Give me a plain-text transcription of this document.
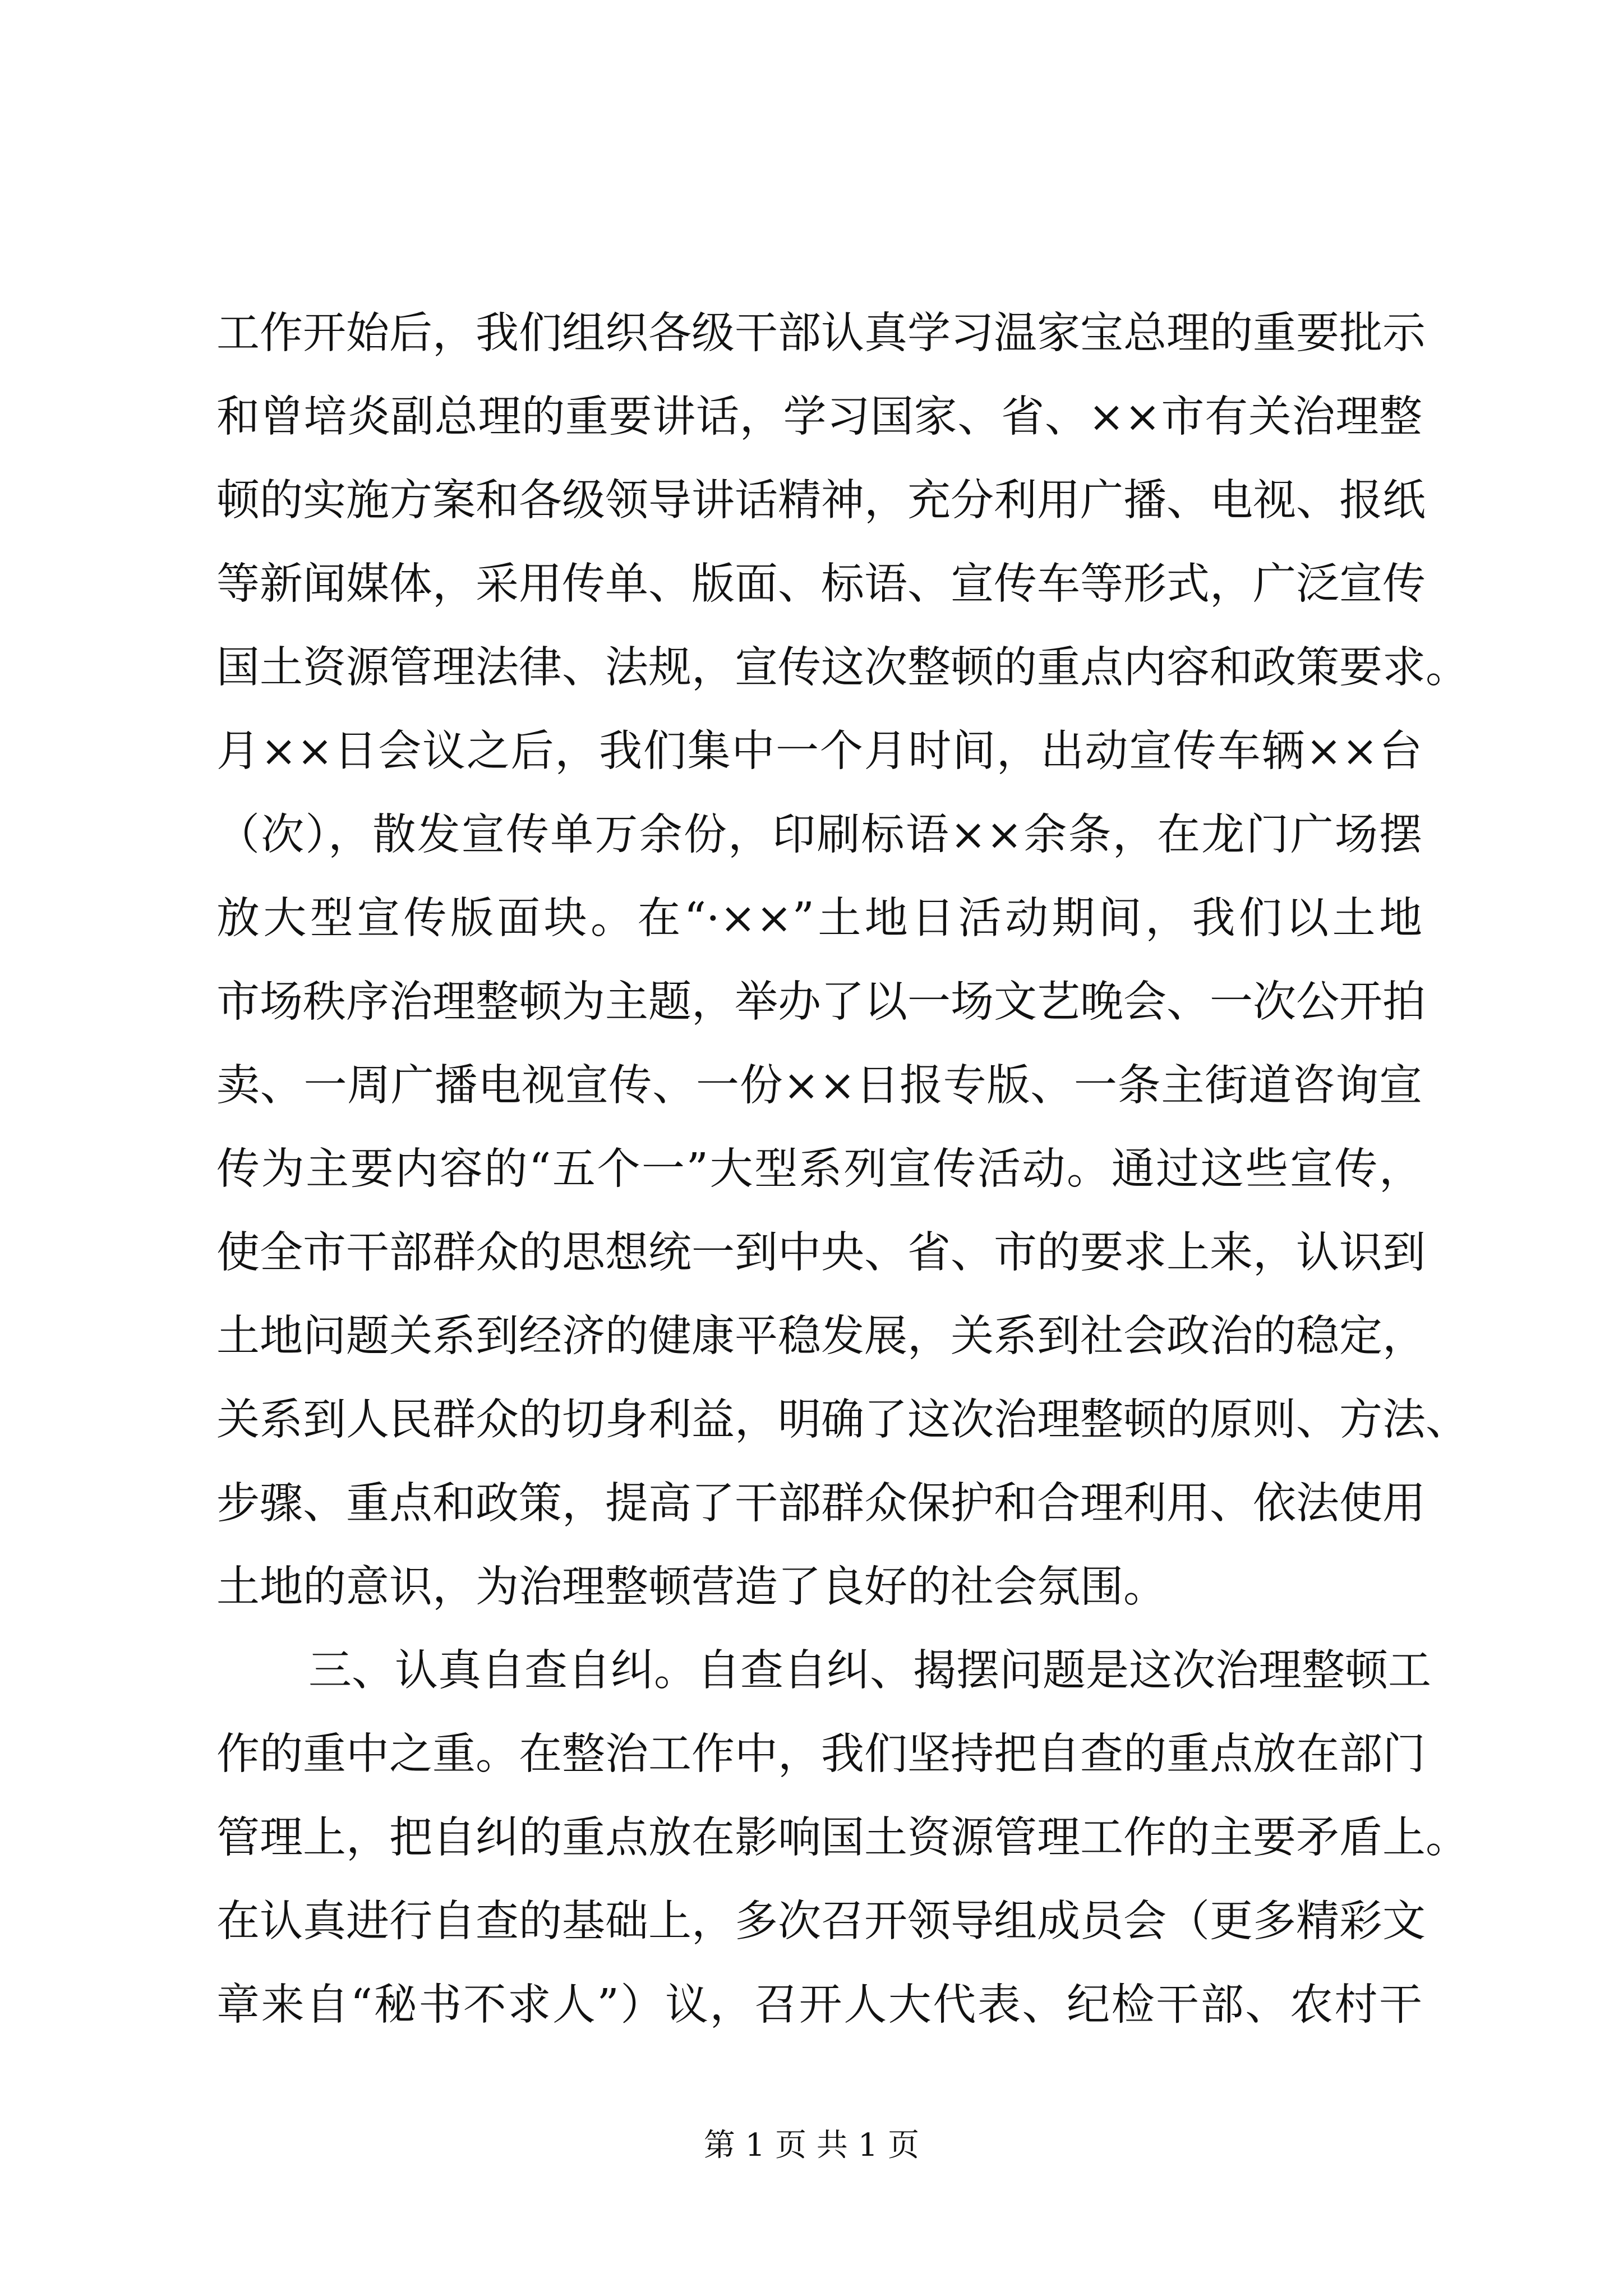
工作开始后，我们组织各级干部认真学习温家宝总理的重要批示
和曾培炎副总理的重要讲话，学习国家、省、××市有关治理整
顿的实施方案和各级领导讲话精神，充分利用广播、电视、报纸
等新闻媒体，采用传单、版面、标语、宣传车等形式，广泛宣传
国土资源管理法律、法规，宣传这次整顿的重点内容和政策要求。
月××日会议之后，我们集中一个月时间，出动宣传车辆××台
（次），散发宣传单万余份，印刷标语××余条，在龙门广场摆
放大型宣传版面块。在“·××”土地日活动期间，我们以土地
市场秩序治理整顿为主题，举办了以一场文艺晚会、一次公开拍
卖、一周广播电视宣传、一份××日报专版、一条主街道咨询宣
传为主要内容的“五个一”大型系列宣传活动。通过这些宣传，
使全市干部群众的思想统一到中央、省、市的要求上来，认识到
土地问题关系到经济的健康平稳发展，关系到社会政治的稳定，
关系到人民群众的切身利益，明确了这次治理整顿的原则、方法、
步骤、重点和政策，提高了干部群众保护和合理利用、依法使用
土地的意识，为治理整顿营造了良好的社会氛围。
三、认真自查自纠。自查自纠、揭摆问题是这次治理整顿工
作的重中之重。在整治工作中，我们坚持把自查的重点放在部门
管理上，把自纠的重点放在影响国土资源管理工作的主要矛盾上。
在认真进行自查的基础上，多次召开领导组成员会（更多精彩文
章来自“秘书不求人”）议，召开人大代表、纪检干部、农村干
第 1 页 共 1 页
